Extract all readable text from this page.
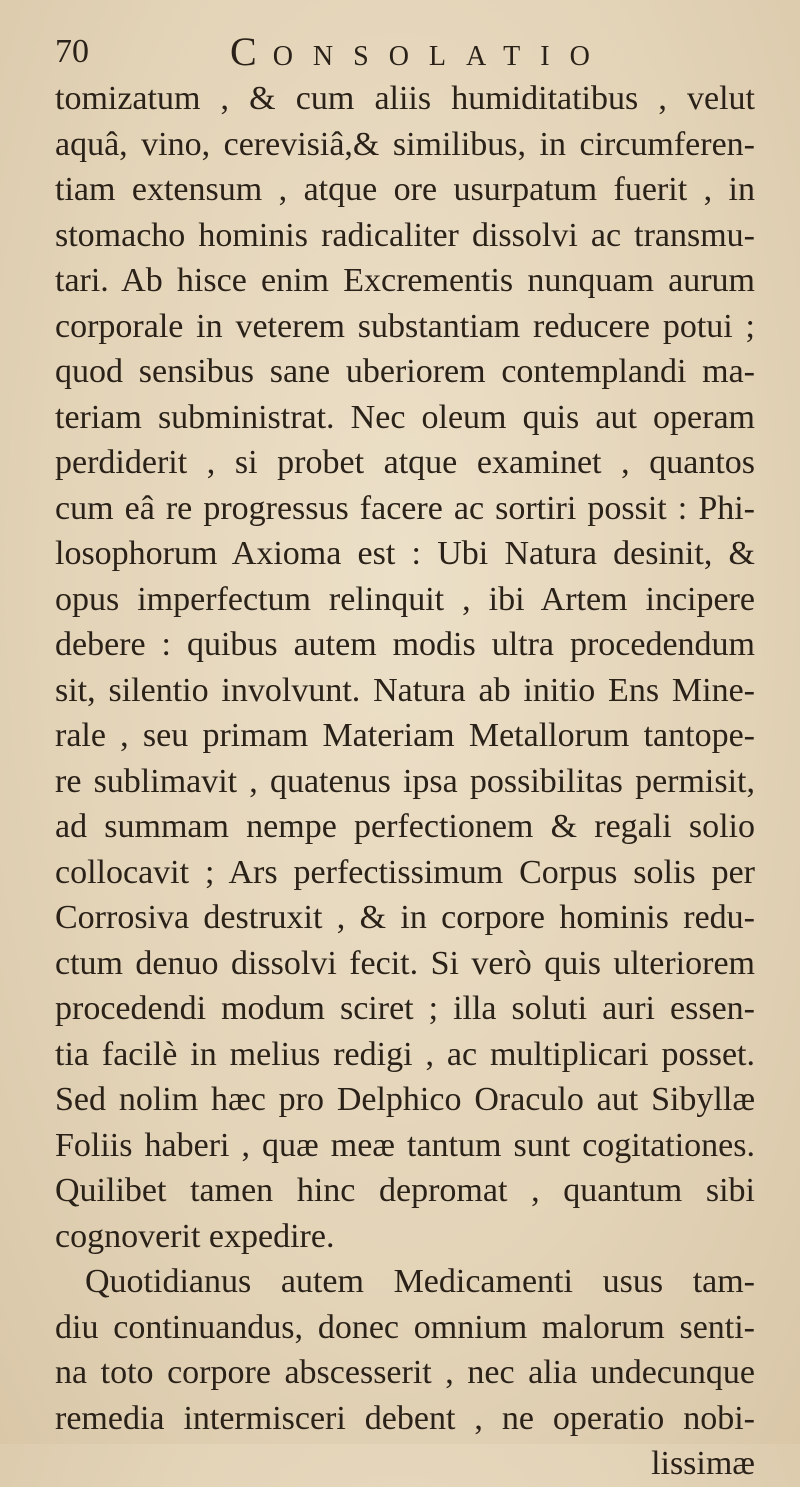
70	CONSOLATIO
tomizatum , & cum aliis humiditatibus , velut
aquâ, vino, cerevisiâ,& similibus, in circumferen-
tiam extensum , atque ore usurpatum fuerit , in
stomacho hominis radicaliter dissolvi ac transmu-
tari. Ab hisce enim Excrementis nunquam aurum
corporale in veterem substantiam reducere potui ;
quod sensibus sane uberiorem contemplandi ma-
teriam subministrat. Nec oleum quis aut operam
perdiderit , si probet atque examinet , quantos
cum eâ re progressus facere ac sortiri possit : Phi-
losophorum Axioma est : Ubi Natura desinit, &
opus imperfectum relinquit , ibi Artem incipere
debere : quibus autem modis ultra procedendum
sit, silentio involvunt. Natura ab initio Ens Mine-
rale , seu primam Materiam Metallorum tantope-
re sublimavit , quatenus ipsa possibilitas permisit,
ad summam nempe perfectionem & regali solio
collocavit ; Ars perfectissimum Corpus solis per
Corrosiva destruxit , & in corpore hominis redu-
ctum denuo dissolvi fecit. Si verò quis ulteriorem
procedendi modum sciret ; illa soluti auri essen-
tia facilè in melius redigi , ac multiplicari posset.
Sed nolim hæc pro Delphico Oraculo aut Sibyllæ
Foliis haberi , quæ meæ tantum sunt cogitationes.
Quilibet tamen hinc depromat , quantum sibi
cognoverit expedire.
Quotidianus autem Medicamenti usus tam-
diu continuandus, donec omnium malorum senti-
na toto corpore abscesserit , nec alia undecunque
remedia intermisceri debent , ne operatio nobi-
lissimæ
